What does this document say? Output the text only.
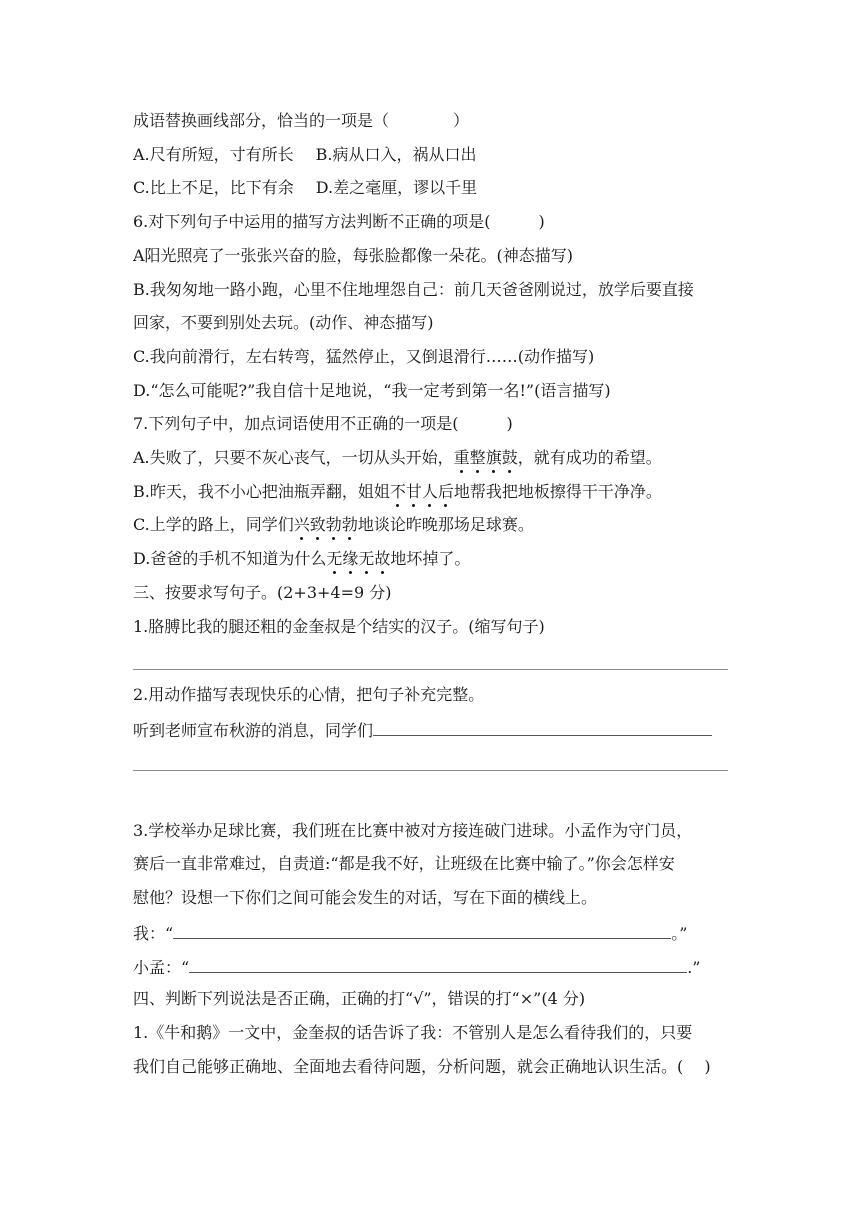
成语替换画线部分，恰当的一项是（　　　　）
A.尺有所短，寸有所长 B.病从口入，祸从口出
C.比上不足，比下有余 D.差之毫厘，谬以千里
6.对下列句子中运用的描写方法判断不正确的项是(　　　)
A阳光照亮了一张张兴奋的脸，每张脸都像一朵花。(神态描写)
B.我匆匆地一路小跑，心里不住地埋怨自己：前几天爸爸刚说过，放学后要直接
回家，不要到别处去玩。(动作、神态描写)
C.我向前滑行，左右转弯，猛然停止，又倒退滑行……(动作描写)
D.“怎么可能呢?”我自信十足地说，“我一定考到第一名!”(语言描写)
7.下列句子中，加点词语使用不正确的一项是(　　　)
A.失败了，只要不灰心丧气，一切从头开始，重整旗鼓，就有成功的希望。
B.昨天，我不小心把油瓶弄翻，姐姐不甘人后地帮我把地板擦得干干净净。
C.上学的路上，同学们兴致勃勃地谈论昨晚那场足球赛。
D.爸爸的手机不知道为什么无缘无故地坏掉了。
三、按要求写句子。(2+3+4=9 分)
1.胳膊比我的腿还粗的金奎叔是个结实的汉子。(缩写句子)
2.用动作描写表现快乐的心情，把句子补充完整。
听到老师宣布秋游的消息，同学们
3.学校举办足球比赛，我们班在比赛中被对方接连破门进球。小孟作为守门员，
赛后一直非常难过，自责道:“都是我不好，让班级在比赛中输了。”你会怎样安
慰他？设想一下你们之间可能会发生的对话，写在下面的横线上。
我：“	。”
小孟：“	.”
四、判断下列说法是否正确，正确的打“√”，错误的打“×”(4 分)
1.《牛和鹅》一文中，金奎叔的话告诉了我：不管别人是怎么看待我们的，只要
我们自己能够正确地、全面地去看待问题，分析问题，就会正确地认识生活。(　 )
